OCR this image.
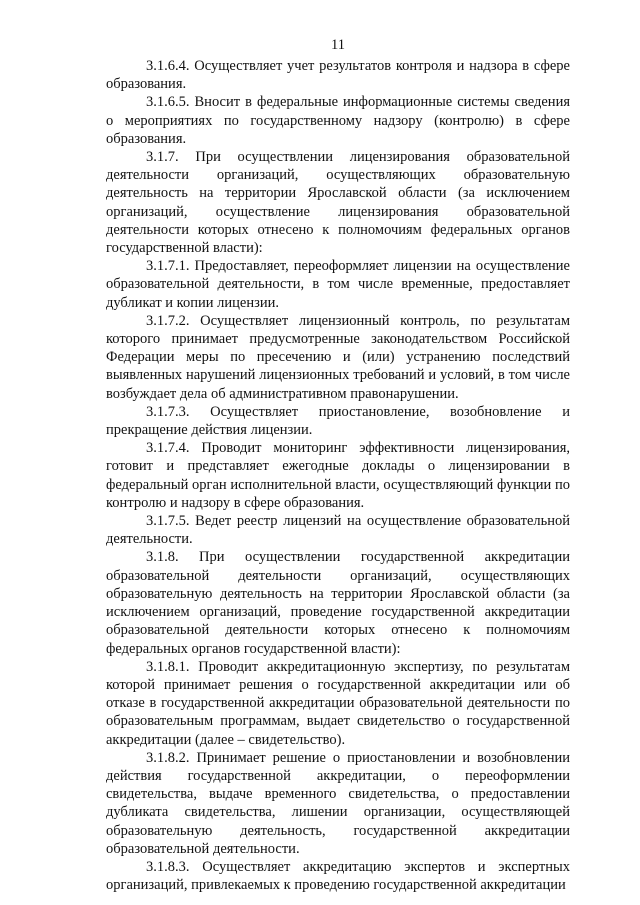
11

3.1.6.4. Осуществляет учет результатов контроля и надзора в сфере образования.

3.1.6.5. Вносит в федеральные информационные системы сведения о мероприятиях по государственному надзору (контролю) в сфере образования.

3.1.7. При осуществлении лицензирования образовательной деятельности организаций, осуществляющих образовательную деятельность на территории Ярославской области (за исключением организаций, осуществление лицензирования образовательной деятельности которых отнесено к полномочиям федеральных органов государственной власти):

3.1.7.1. Предоставляет, переоформляет лицензии на осуществление образовательной деятельности, в том числе временные, предоставляет дубликат и копии лицензии.

3.1.7.2. Осуществляет лицензионный контроль, по результатам которого принимает предусмотренные законодательством Российской Федерации меры по пресечению и (или) устранению последствий выявленных нарушений лицензионных требований и условий, в том числе возбуждает дела об административном правонарушении.

3.1.7.3. Осуществляет приостановление, возобновление и прекращение действия лицензии.

3.1.7.4. Проводит мониторинг эффективности лицензирования, готовит и представляет ежегодные доклады о лицензировании в федеральный орган исполнительной власти, осуществляющий функции по контролю и надзору в сфере образования.

3.1.7.5. Ведет реестр лицензий на осуществление образовательной деятельности.

3.1.8. При осуществлении государственной аккредитации образовательной деятельности организаций, осуществляющих образовательную деятельность на территории Ярославской области (за исключением организаций, проведение государственной аккредитации образовательной деятельности которых отнесено к полномочиям федеральных органов государственной власти):

3.1.8.1. Проводит аккредитационную экспертизу, по результатам которой принимает решения о государственной аккредитации или об отказе в государственной аккредитации образовательной деятельности по образовательным программам, выдает свидетельство о государственной аккредитации (далее – свидетельство).

3.1.8.2. Принимает решение о приостановлении и возобновлении действия государственной аккредитации, о переоформлении свидетельства, выдаче временного свидетельства, о предоставлении дубликата свидетельства, лишении организации, осуществляющей образовательную деятельность, государственной аккредитации образовательной деятельности.

3.1.8.3. Осуществляет аккредитацию экспертов и экспертных организаций, привлекаемых к проведению государственной аккредитации
